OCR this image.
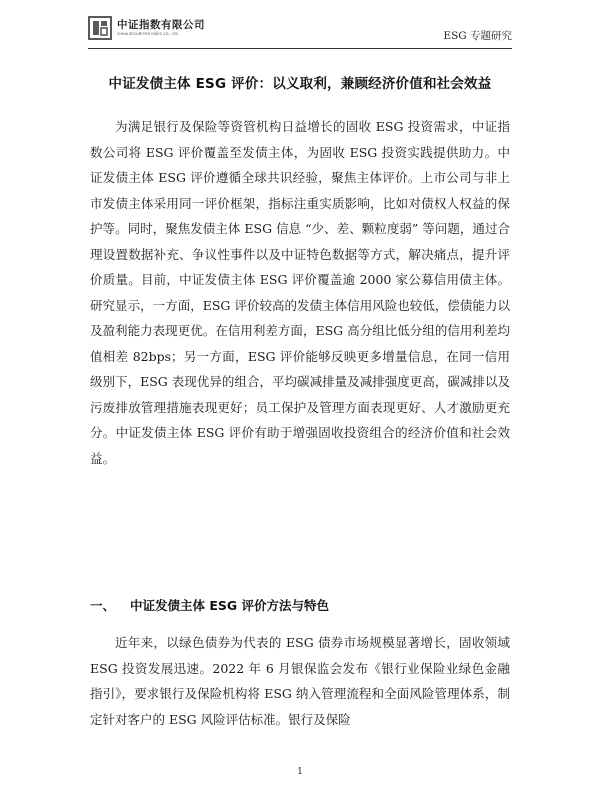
中证指数有限公司
CHINA SECURITIES INDEX CO., LTD.	ESG 专题研究
中证发债主体 ESG 评价：以义取利，兼顾经济价值和社会效益

为满足银行及保险等资管机构日益增长的固收 ESG 投资需求，中证指数公司将 ESG 评价覆盖至发债主体，为固收 ESG 投资实践提供助力。中证发债主体 ESG 评价遵循全球共识经验，聚焦主体评价。上市公司与非上市发债主体采用同一评价框架，指标注重实质影响，比如对债权人权益的保护等。同时，聚焦发债主体 ESG 信息 “少、差、颗粒度弱” 等问题，通过合理设置数据补充、争议性事件以及中证特色数据等方式，解决痛点，提升评价质量。目前，中证发债主体 ESG 评价覆盖逾 2000 家公募信用债主体。研究显示，一方面，ESG 评价较高的发债主体信用风险也较低，偿债能力以及盈利能力表现更优。在信用利差方面，ESG 高分组比低分组的信用利差均值相差 82bps；另一方面，ESG 评价能够反映更多增量信息，在同一信用级别下，ESG 表现优异的组合，平均碳减排量及减排强度更高，碳减排以及污废排放管理措施表现更好；员工保护及管理方面表现更好、人才激励更充分。中证发债主体 ESG 评价有助于增强固收投资组合的经济价值和社会效益。

一、	中证发债主体 ESG 评价方法与特色

近年来，以绿色债券为代表的 ESG 债券市场规模显著增长，固收领域 ESG 投资发展迅速。2022 年 6 月银保监会发布《银行业保险业绿色金融指引》，要求银行及保险机构将 ESG 纳入管理流程和全面风险管理体系，制定针对客户的 ESG 风险评估标准。银行及保险

1
